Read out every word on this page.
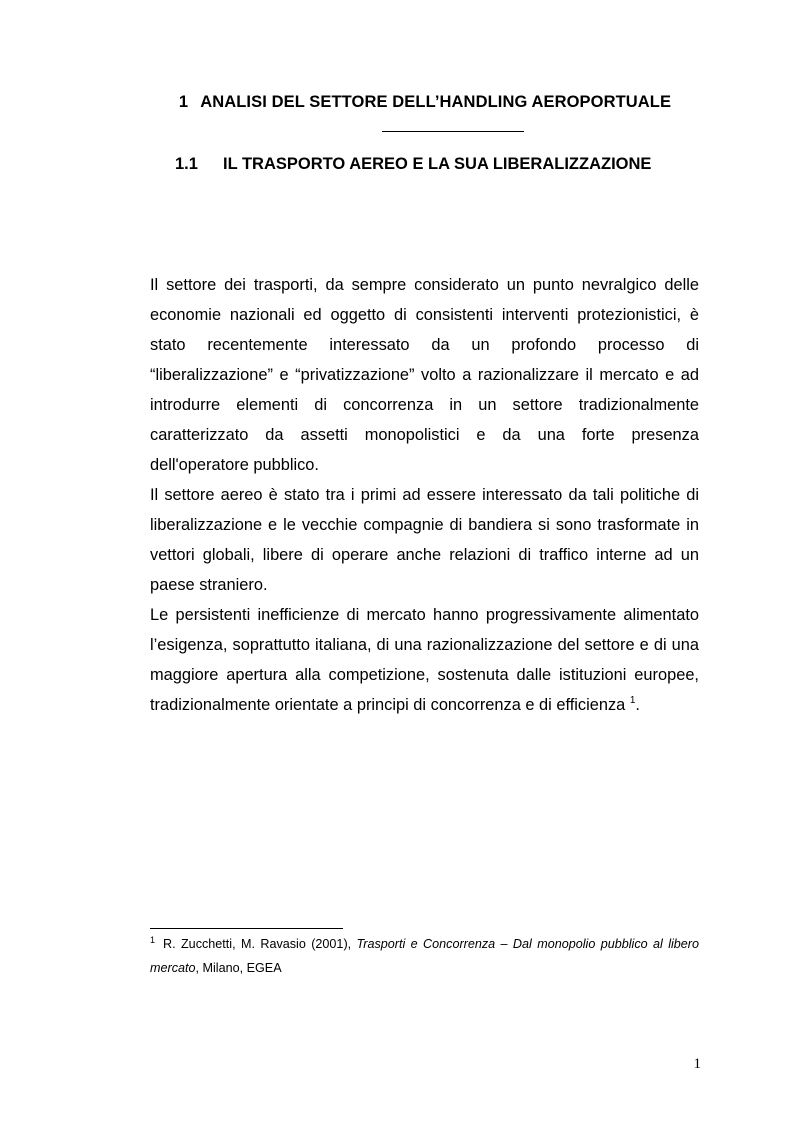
1 ANALISI DEL SETTORE DELL’HANDLING AEROPORTUALE
1.1 IL TRASPORTO AEREO E LA SUA LIBERALIZZAZIONE

Il settore dei trasporti, da sempre considerato un punto nevralgico delle economie nazionali ed oggetto di consistenti interventi protezionistici, è stato recentemente interessato da un profondo processo di “liberalizzazione” e “privatizzazione” volto a razionalizzare il mercato e ad introdurre elementi di concorrenza in un settore tradizionalmente caratterizzato da assetti monopolistici e da una forte presenza dell'operatore pubblico.

Il settore aereo è stato tra i primi ad essere interessato da tali politiche di liberalizzazione e le vecchie compagnie di bandiera si sono trasformate in vettori globali, libere di operare anche relazioni di traffico interne ad un paese straniero.

Le persistenti inefficienze di mercato hanno progressivamente alimentato l’esigenza, soprattutto italiana, di una razionalizzazione del settore e di una maggiore apertura alla competizione, sostenuta dalle istituzioni europee, tradizionalmente orientate a principi di concorrenza e di efficienza $^1$.

$^1$ R. Zucchetti, M. Ravasio (2001), Trasporti e Concorrenza – Dal monopolio pubblico al libero mercato, Milano, EGEA
1
